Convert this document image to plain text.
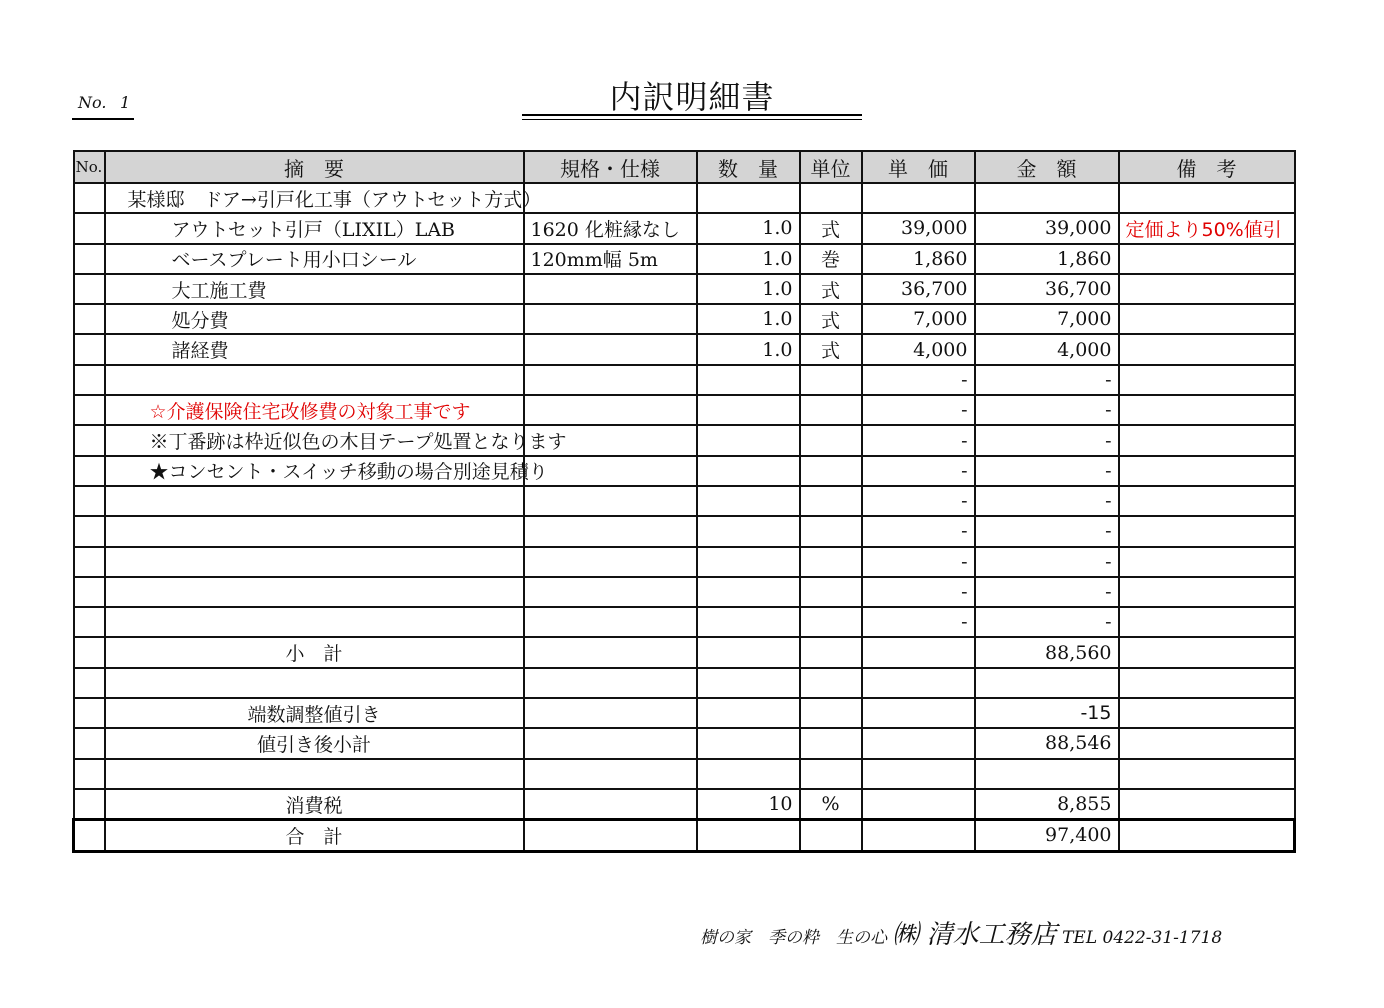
No. 1	内訳明細書
No.	摘　要	規格・仕様	数　量	単位	単　価	金　額	備　考
	某様邸　ドア→引戸化工事（アウトセット方式）						
	アウトセット引戸（LIXIL）LAB	1620 化粧縁なし	1.0	式	39,000	39,000	定価より50%値引
	ベースプレート用小口シール	120mm幅 5m	1.0	巻	1,860	1,860	
	大工施工費		1.0	式	36,700	36,700	
	処分費		1.0	式	7,000	7,000	
	諸経費		1.0	式	4,000	4,000	
					-	-	
	☆介護保険住宅改修費の対象工事です				-	-	
	※丁番跡は枠近似色の木目テープ処置となります				-	-	
	★コンセント・スイッチ移動の場合別途見積り				-	-	
					-	-	
					-	-	
					-	-	
					-	-	
					-	-	
	小　計					88,560	

	端数調整値引き					-15	
	値引き後小計					88,546	

	消費税		10	%		8,855	
	合　計					97,400	
樹の家　季の粋　生の心 ㈱ 清水工務店 TEL 0422-31-1718
